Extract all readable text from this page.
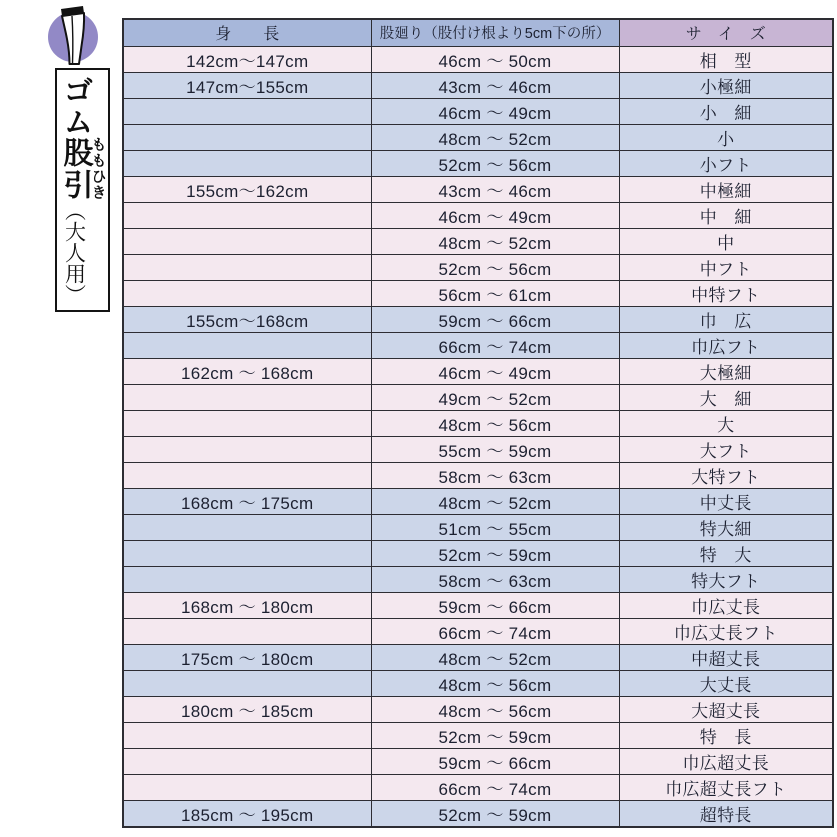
ゴム股引ももひき（大人用）
身　　長	股廻り（股付け根より5cm下の所）	サ　イ　ズ
142cm～147cm	46cm ～ 50cm	相　型
147cm～155cm	43cm ～ 46cm	小極細
	46cm ～ 49cm	小　細
	48cm ～ 52cm	小
	52cm ～ 56cm	小フト
155cm～162cm	43cm ～ 46cm	中極細
	46cm ～ 49cm	中　細
	48cm ～ 52cm	中
	52cm ～ 56cm	中フト
	56cm ～ 61cm	中特フト
155cm～168cm	59cm ～ 66cm	巾　広
	66cm ～ 74cm	巾広フト
162cm ～ 168cm	46cm ～ 49cm	大極細
	49cm ～ 52cm	大　細
	48cm ～ 56cm	大
	55cm ～ 59cm	大フト
	58cm ～ 63cm	大特フト
168cm ～ 175cm	48cm ～ 52cm	中丈長
	51cm ～ 55cm	特大細
	52cm ～ 59cm	特　大
	58cm ～ 63cm	特大フト
168cm ～ 180cm	59cm ～ 66cm	巾広丈長
	66cm ～ 74cm	巾広丈長フト
175cm ～ 180cm	48cm ～ 52cm	中超丈長
	48cm ～ 56cm	大丈長
180cm ～ 185cm	48cm ～ 56cm	大超丈長
	52cm ～ 59cm	特　長
	59cm ～ 66cm	巾広超丈長
	66cm ～ 74cm	巾広超丈長フト
185cm ～ 195cm	52cm ～ 59cm	超特長
